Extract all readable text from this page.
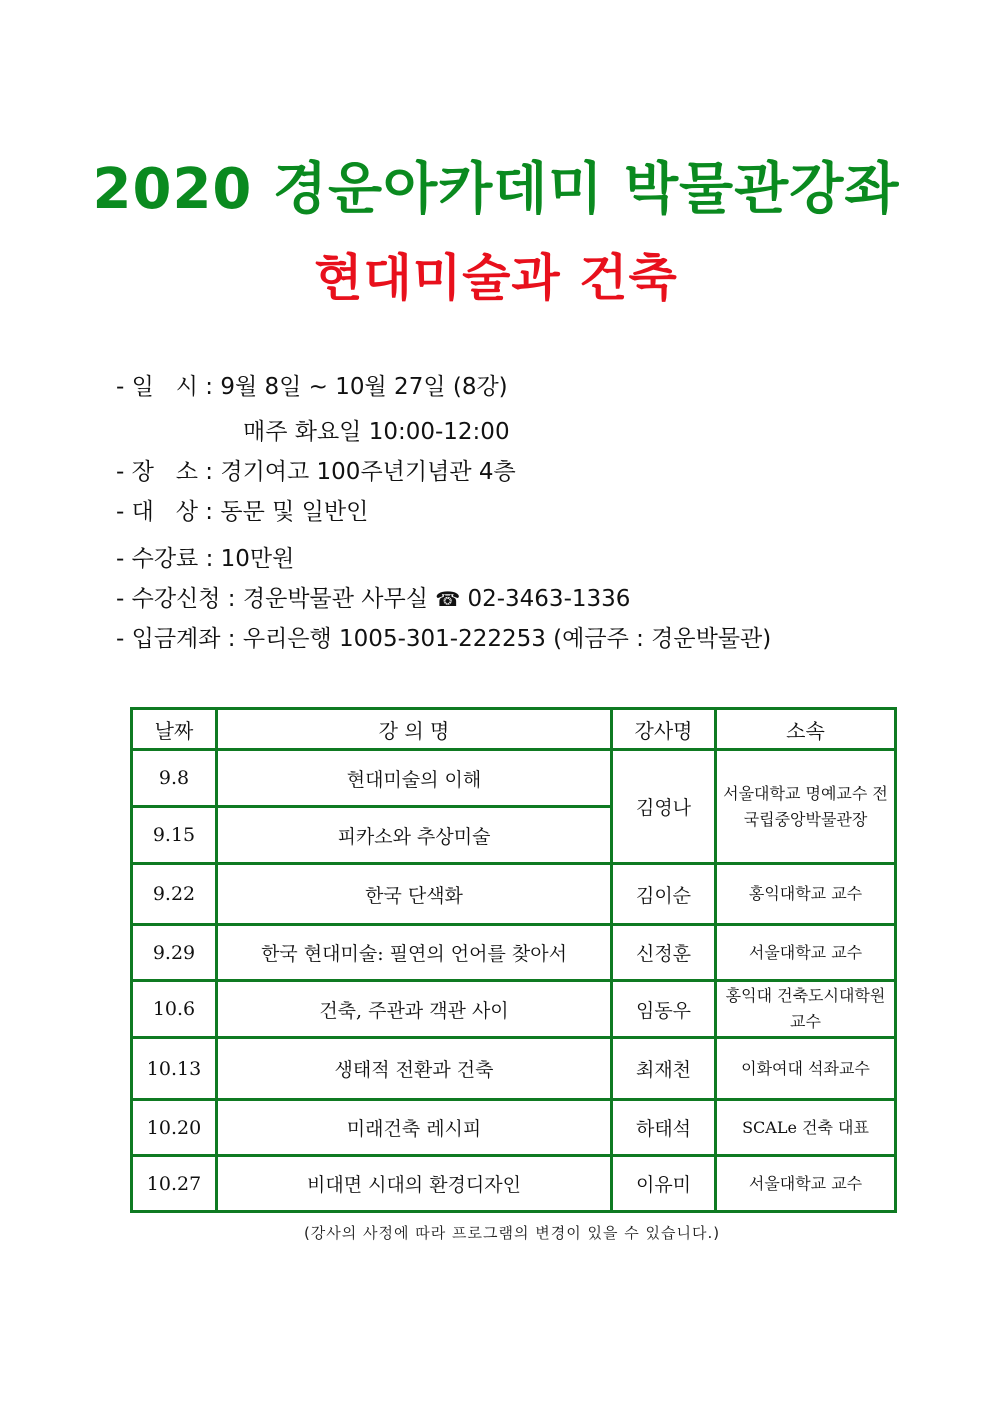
2020 경운아카데미 박물관강좌
현대미술과 건축
- 일   시 : 9월 8일 ~ 10월 27일 (8강)
매주 화요일 10:00-12:00
- 장   소 : 경기여고 100주년기념관 4층
- 대   상 : 동문 및 일반인
- 수강료 : 10만원
- 수강신청 : 경운박물관 사무실 ☎ 02-3463-1336
- 입금계좌 : 우리은행 1005-301-222253 (예금주 : 경운박물관)
날짜	강 의 명	강사명	소속
9.8	현대미술의 이해	김영나	서울대학교 명예교수 전 국립중앙박물관장
9.15	피카소와 추상미술		
9.22	한국 단색화	김이순	홍익대학교 교수
9.29	한국 현대미술: 필연의 언어를 찾아서	신정훈	서울대학교 교수
10.6	건축, 주관과 객관 사이	임동우	홍익대 건축도시대학원 교수
10.13	생태적 전환과 건축	최재천	이화여대 석좌교수
10.20	미래건축 레시피	하태석	SCALe 건축 대표
10.27	비대면 시대의 환경디자인	이유미	서울대학교 교수
(강사의 사정에 따라 프로그램의 변경이 있을 수 있습니다.)
